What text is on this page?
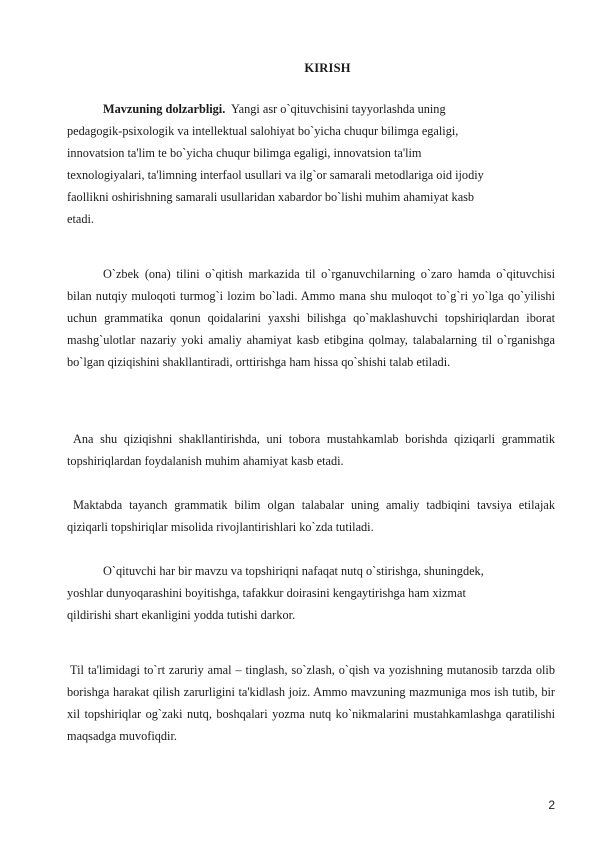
KIRISH
Mavzuning dolzarbligi. Yangi asr o`qituvchisini tayyorlashda uning
pedagogik-psixologik va intellektual salohiyat bo`yicha chuqur bilimga egaligi,
innovatsion ta'lim te bo`yicha chuqur bilimga egaligi, innovatsion ta'lim
texnologiyalari, ta'limning interfaol usullari va ilg`or samarali metodlariga oid ijodiy
faollikni oshirishning samarali usullaridan xabardor bo`lishi muhim ahamiyat kasb
etadi.

O`zbek (ona) tilini o`qitish markazida til o`rganuvchilarning o`zaro hamda o`qituvchisi bilan nutqiy muloqoti turmog`i lozim bo`ladi. Ammo mana shu muloqot to`g`ri yo`lga qo`yilishi uchun grammatika qonun qoidalarini yaxshi bilishga qo`maklashuvchi topshiriqlardan iborat mashg`ulotlar nazariy yoki amaliy ahamiyat kasb etibgina qolmay, talabalarning til o`rganishga bo`lgan qiziqishini shakllantiradi, orttirishga ham hissa qo`shishi talab etiladi.

Ana shu qiziqishni shakllantirishda, uni tobora mustahkamlab borishda qiziqarli grammatik topshiriqlardan foydalanish muhim ahamiyat kasb etadi.

Maktabda tayanch grammatik bilim olgan talabalar uning amaliy tadbiqini tavsiya etilajak qiziqarli topshiriqlar misolida rivojlantirishlari ko`zda tutiladi.

O`qituvchi har bir mavzu va topshiriqni nafaqat nutq o`stirishga, shuningdek,
yoshlar dunyoqarashini boyitishga, tafakkur doirasini kengaytirishga ham xizmat
qildirishi shart ekanligini yodda tutishi darkor.

Til ta'limidagi to`rt zaruriy amal – tinglash, so`zlash, o`qish va yozishning mutanosib tarzda olib borishga harakat qilish zarurligini ta'kidlash joiz. Ammo mavzuning mazmuniga mos ish tutib, bir xil topshiriqlar og`zaki nutq, boshqalari yozma nutq ko`nikmalarini mustahkamlashga qaratilishi maqsadga muvofiqdir.

2
